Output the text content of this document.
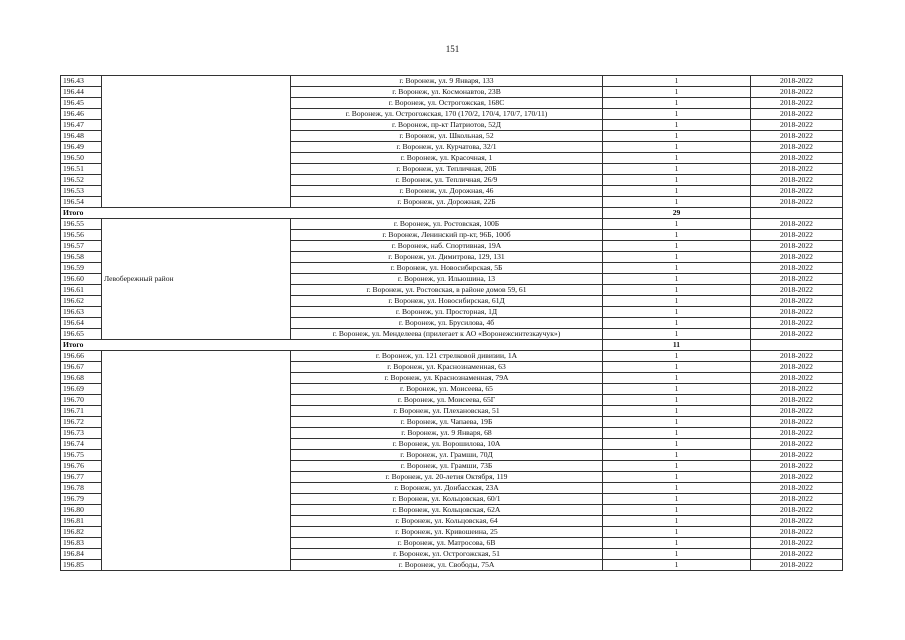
151
196.43		г. Воронеж, ул. 9 Января, 133	1	2018-2022
196.44		г. Воронеж, ул. Космонавтов, 23В	1	2018-2022
196.45		г. Воронеж, ул. Острогожская, 168С	1	2018-2022
196.46		г. Воронеж, ул. Острогожская, 170 (170/2, 170/4, 170/7, 170/11)	1	2018-2022
196.47		г. Воронеж, пр-кт Патриотов, 52Д	1	2018-2022
196.48		г. Воронеж, ул. Школьная, 52	1	2018-2022
196.49		г. Воронеж, ул. Курчатова, 32/1	1	2018-2022
196.50		г. Воронеж, ул. Красочная, 1	1	2018-2022
196.51		г. Воронеж, ул. Тепличная, 20Б	1	2018-2022
196.52		г. Воронеж, ул. Тепличная, 26/9	1	2018-2022
196.53		г. Воронеж, ул. Дорожная, 46	1	2018-2022
196.54		г. Воронеж, ул. Дорожная, 22Б	1	2018-2022
Итого			29	
196.55	Левобережный район	г. Воронеж, ул. Ростовская, 100Б	1	2018-2022
196.56		г. Воронеж, Ленинский пр-кт, 96Б, 100б	1	2018-2022
196.57		г. Воронеж, наб. Спортивная, 19А	1	2018-2022
196.58		г. Воронеж, ул. Димитрова, 129, 131	1	2018-2022
196.59		г. Воронеж, ул. Новосибирская, 5Б	1	2018-2022
196.60		г. Воронеж, ул. Ильюшина, 13	1	2018-2022
196.61		г. Воронеж, ул. Ростовская, в районе домов 59, 61	1	2018-2022
196.62		г. Воронеж, ул. Новосибирская, 61Д	1	2018-2022
196.63		г. Воронеж, ул. Просторная, 1Д	1	2018-2022
196.64		г. Воронеж, ул. Брусилова, 4б	1	2018-2022
196.65		г. Воронеж, ул. Менделеева (прилегает к АО «Воронежсинтезкаучук»)	1	2018-2022
Итого			11	
196.66		г. Воронеж, ул. 121 стрелковой дивизии, 1А	1	2018-2022
196.67		г. Воронеж, ул. Краснознаменная, 63	1	2018-2022
196.68		г. Воронеж, ул. Краснознаменная, 79А	1	2018-2022
196.69		г. Воронеж, ул. Моисеева, 65	1	2018-2022
196.70		г. Воронеж, ул. Моисеева, 65Г	1	2018-2022
196.71		г. Воронеж, ул. Плехановская, 51	1	2018-2022
196.72		г. Воронеж, ул. Чапаева, 19Б	1	2018-2022
196.73		г. Воронеж, ул. 9 Января, 68	1	2018-2022
196.74		г. Воронеж, ул. Ворошилова, 10А	1	2018-2022
196.75		г. Воронеж, ул. Грамши, 70Д	1	2018-2022
196.76		г. Воронеж, ул. Грамши, 73Б	1	2018-2022
196.77		г. Воронеж, ул. 20-летия Октября, 119	1	2018-2022
196.78		г. Воронеж, ул. Донбасская, 23А	1	2018-2022
196.79		г. Воронеж, ул. Кольцовская, 60/1	1	2018-2022
196.80		г. Воронеж, ул. Кольцовская, 62А	1	2018-2022
196.81		г. Воронеж, ул. Кольцовская, 64	1	2018-2022
196.82		г. Воронеж, ул. Кривошеина, 25	1	2018-2022
196.83		г. Воронеж, ул. Матросова, 6В	1	2018-2022
196.84		г. Воронеж, ул. Острогожская, 51	1	2018-2022
196.85		г. Воронеж, ул. Свободы, 75А	1	2018-2022
